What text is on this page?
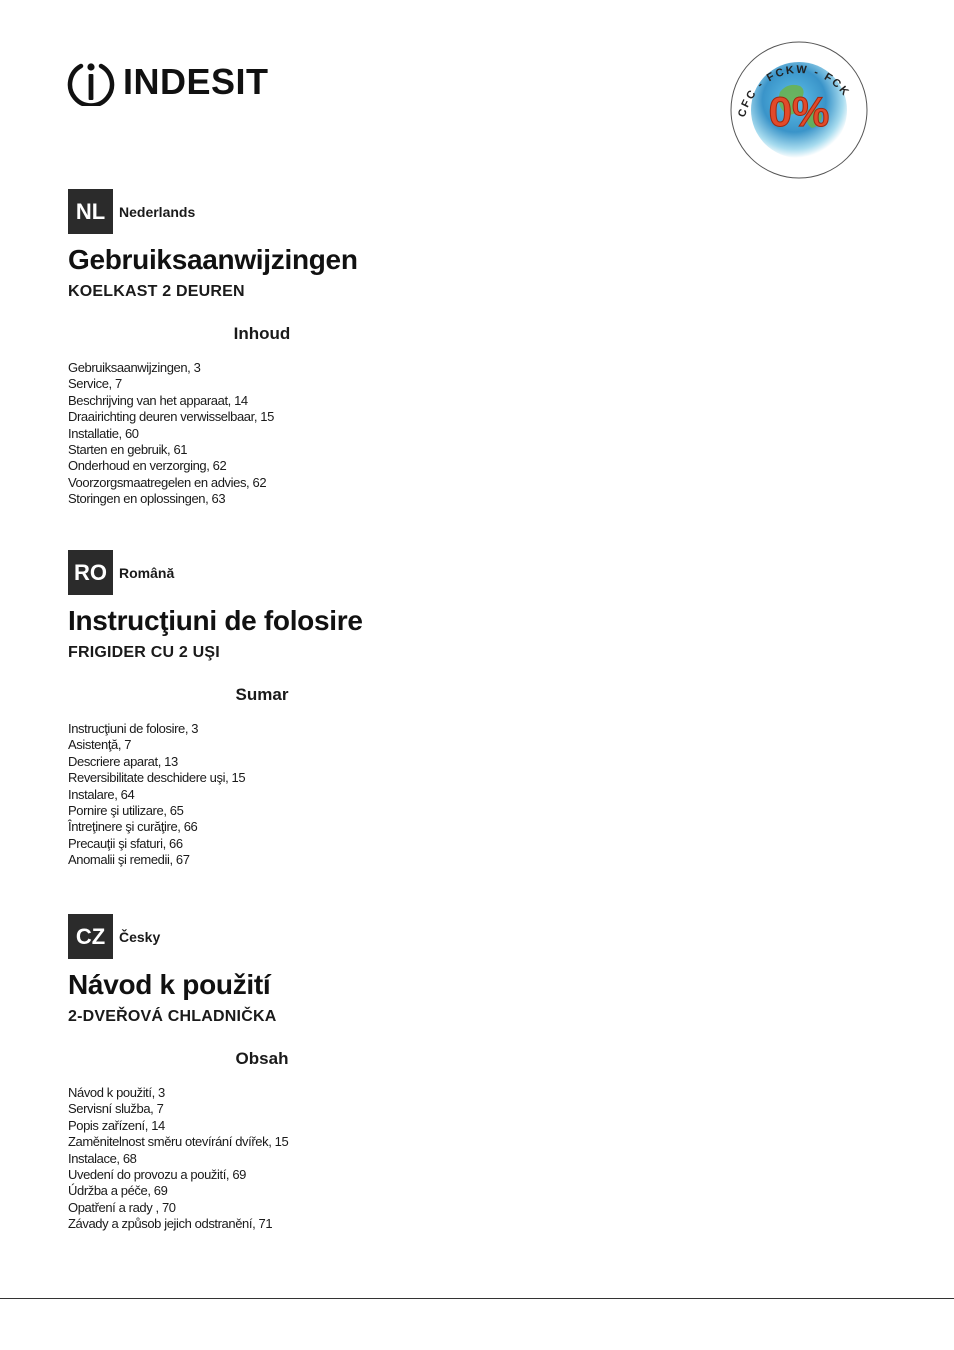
INDESIT
CFC - FCKW - FCK
0%
NL Nederlands
Gebruiksaanwijzingen
KOELKAST 2 DEUREN
Inhoud
Gebruiksaanwijzingen, 3
Service, 7
Beschrijving van het apparaat, 14
Draairichting deuren verwisselbaar, 15
Installatie, 60
Starten en gebruik, 61
Onderhoud en verzorging, 62
Voorzorgsmaatregelen en advies, 62
Storingen en oplossingen, 63
RO Română
Instrucţiuni de folosire
FRIGIDER CU 2 UŞI
Sumar
Instrucţiuni de folosire, 3
Asistenţă, 7
Descriere aparat, 13
Reversibilitate deschidere uşi, 15
Instalare, 64
Pornire şi utilizare, 65
Întreţinere şi curăţire, 66
Precauţii şi sfaturi, 66
Anomalii şi remedii, 67
CZ Česky
Návod k použití
2-DVEŘOVÁ CHLADNIČKA
Obsah
Návod k použití, 3
Servisní služba, 7
Popis zařízení, 14
Zaměnitelnost směru otevírání dvířek, 15
Instalace, 68
Uvedení do provozu a použití, 69
Údržba a péče, 69
Opatření a rady , 70
Závady a způsob jejich odstranění, 71
